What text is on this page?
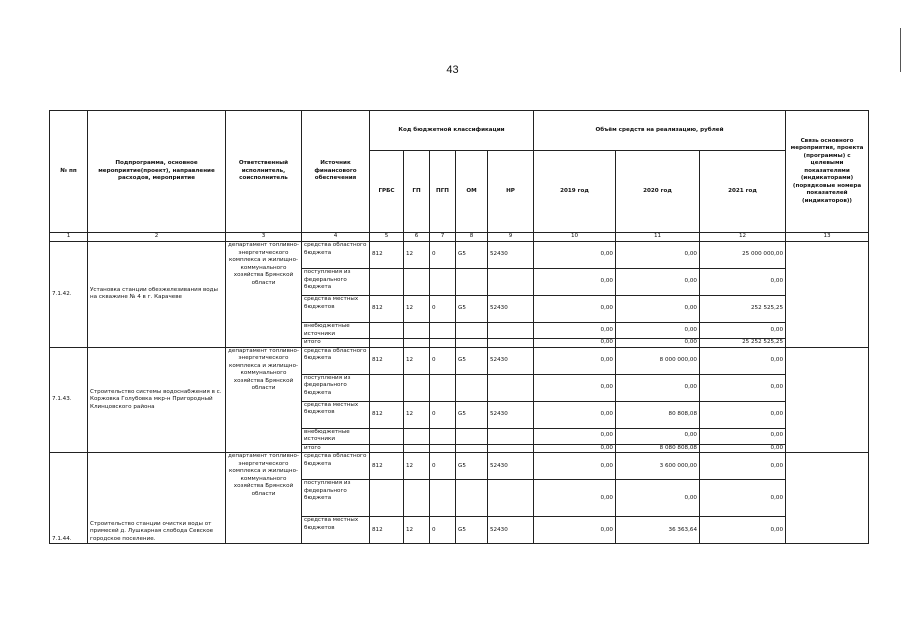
43
№ пп	Подпрограмма, основное мероприятие(проект), направление расходов, мероприятие	Ответственный исполнитель, соисполнитель	Источник финансового обеспечения	Код бюджетной классификации					Объём средств на реализацию, рублей			Связь основного мероприятия, проекта (программы) с целевыми показателями (индикаторами) (порядковые номера показателей (индикаторов))
				ГРБС	ГП	ПГП	ОМ	НР	2019 год	2020 год	2021 год	
1	2	3	4	5	6	7	8	9	10	11	12	13
7.1.42.	Установка станции обезжелезивания воды на скважине № 4 в г. Карачеве	департамент топливно-энергетического комплекса и жилищно-коммунального хозяйства Брянской области	средства областного бюджета	812	12	0	G5	52430	0,00	0,00	25 000 000,00	
			поступления из федерального бюджета						0,00	0,00	0,00	
			средства местных бюджетов	812	12	0	G5	52430	0,00	0,00	252 525,25	
			внебюджетные источники						0,00	0,00	0,00	
			итого						0,00	0,00	25 252 525,25	
7.1.43.	Строительство системы водоснабжения в с. Коржовка Голубовка мкр-н Пригородный Клинцовского района	департамент топливно-энергетического комплекса и жилищно-коммунального хозяйства Брянской области	средства областного бюджета	812	12	0	G5	52430	0,00	8 000 000,00	0,00	
			поступления из федерального бюджета						0,00	0,00	0,00	
			средства местных бюджетов	812	12	0	G5	52430	0,00	80 808,08	0,00	
			внебюджетные источники						0,00	0,00	0,00	
			итого						0,00	8 080 808,08	0,00	
7.1.44.	Строительство станции очистки воды от примесей д. Лушкарная слобода Севское городское поселение.	департамент топливно-энергетического комплекса и жилищно-коммунального хозяйства Брянской области	средства областного бюджета	812	12	0	G5	52430	0,00	3 600 000,00	0,00	
			поступления из федерального бюджета						0,00	0,00	0,00	
			средства местных бюджетов	812	12	0	G5	52430	0,00	36 363,64	0,00	
